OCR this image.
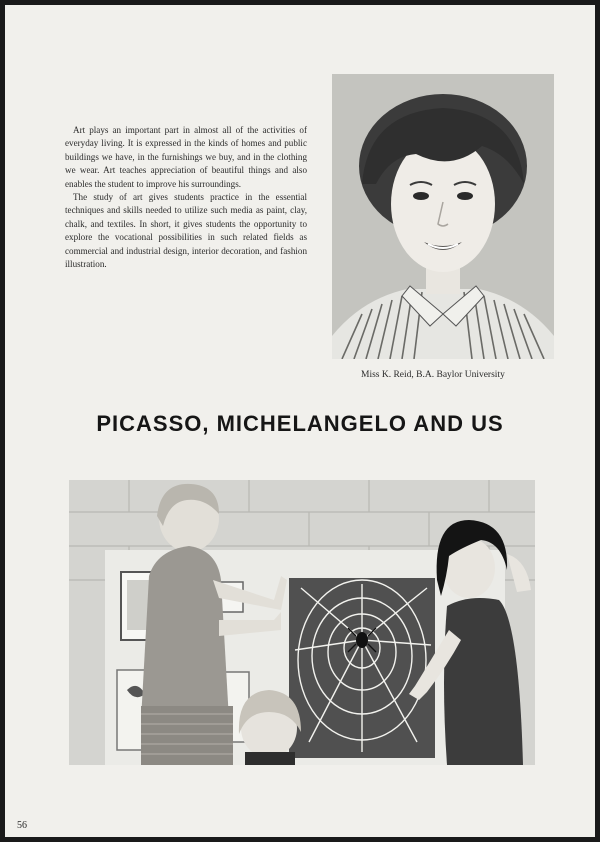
Art plays an important part in almost all of the activities of everyday living. It is expressed in the kinds of homes and public buildings we have, in the furnishings we buy, and in the clothing we wear. Art teaches appreciation of beautiful things and also enables the student to improve his surroundings.

The study of art gives students practice in the essential techniques and skills needed to utilize such media as paint, clay, chalk, and textiles. In short, it gives students the opportunity to explore the vocational possibilities in such related fields as commercial and industrial design, interior decoration, and fashion illustration.

Miss K. Reid, B.A. Baylor University
PICASSO, MICHELANGELO AND US
56
